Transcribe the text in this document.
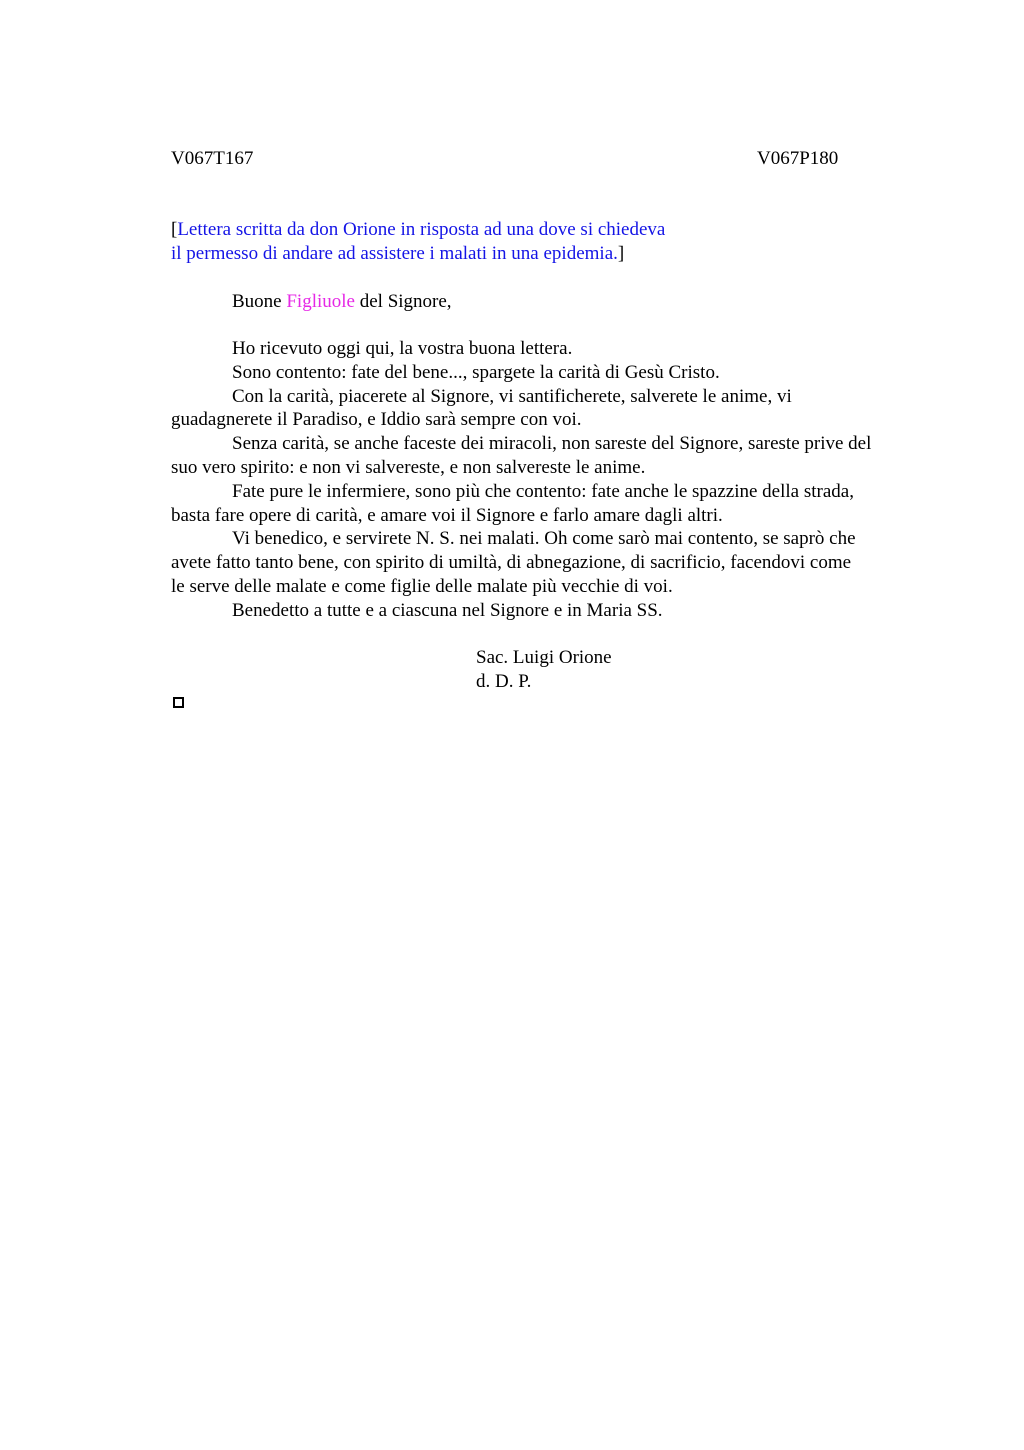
V067T167	V067P180
[Lettera scritta da don Orione in risposta ad una dove si chiedeva
il permesso di andare ad assistere i malati in una epidemia.]
Buone Figliuole del Signore,
Ho ricevuto oggi qui, la vostra buona lettera.
Sono contento: fate del bene..., spargete la carità di Gesù Cristo.
Con la carità, piacerete al Signore, vi santificherete, salverete le anime, vi
guadagnerete il Paradiso, e Iddio sarà sempre con voi.
Senza carità, se anche faceste dei miracoli, non sareste del Signore, sareste prive del
suo vero spirito: e non vi salvereste, e non salvereste le anime.
Fate pure le infermiere, sono più che contento: fate anche le spazzine della strada,
basta fare opere di carità, e amare voi il Signore e farlo amare dagli altri.
Vi benedico, e servirete N. S. nei malati. Oh come sarò mai contento, se saprò che
avete fatto tanto bene, con spirito di umiltà, di abnegazione, di sacrificio, facendovi come
le serve delle malate e come figlie delle malate più vecchie di voi.
Benedetto a tutte e a ciascuna nel Signore e in Maria SS.
Sac. Luigi Orione
d. D. P.
